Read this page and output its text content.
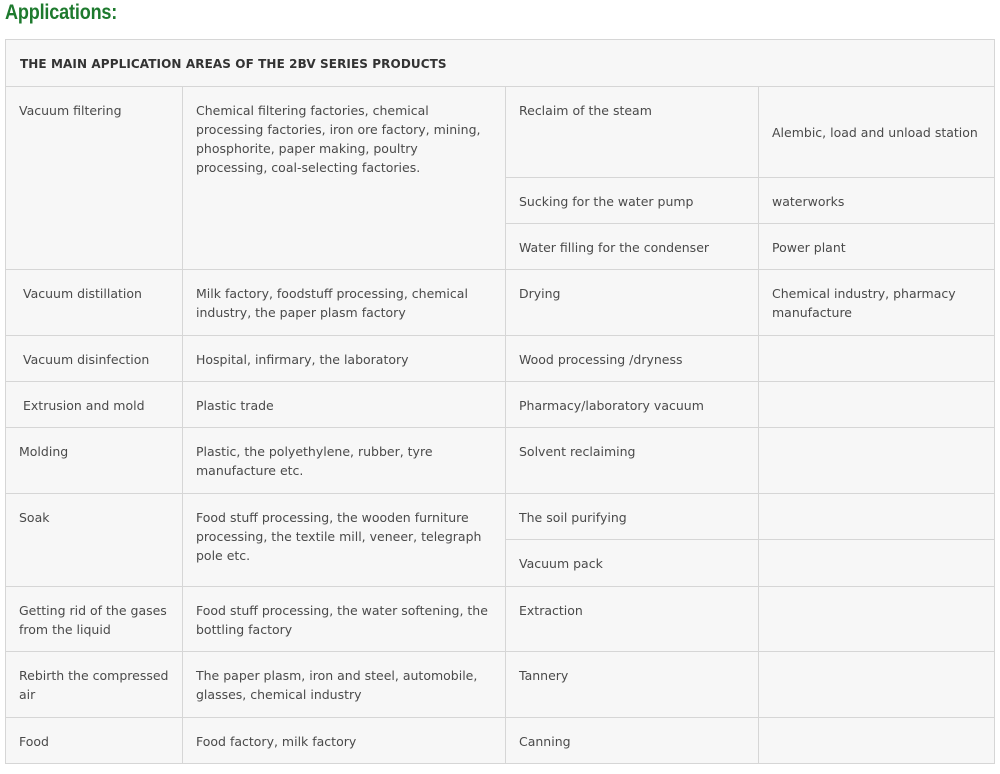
Applications:
THE MAIN APPLICATION AREAS OF THE 2BV SERIES PRODUCTS			
Vacuum filtering	Chemical filtering factories, chemical processing factories, iron ore factory, mining, phosphorite, paper making, poultry processing, coal-selecting factories.	Reclaim of the steam	Alembic, load and unload station
		Sucking for the water pump	waterworks
		Water filling for the condenser	Power plant
Vacuum distillation	Milk factory, foodstuff processing, chemical industry, the paper plasm factory	Drying	Chemical industry, pharmacy manufacture
Vacuum disinfection	Hospital, infirmary, the laboratory	Wood processing /dryness	
Extrusion and mold	Plastic trade	Pharmacy/laboratory vacuum	
Molding	Plastic, the polyethylene, rubber, tyre manufacture etc.	Solvent reclaiming	
Soak	Food stuff processing, the wooden furniture processing, the textile mill, veneer, telegraph pole etc.	The soil purifying	
		Vacuum pack	
Getting rid of the gases from the liquid	Food stuff processing, the water softening, the bottling factory	Extraction	
Rebirth the compressed air	The paper plasm, iron and steel, automobile, glasses, chemical industry	Tannery	
Food	Food factory, milk factory	Canning	
